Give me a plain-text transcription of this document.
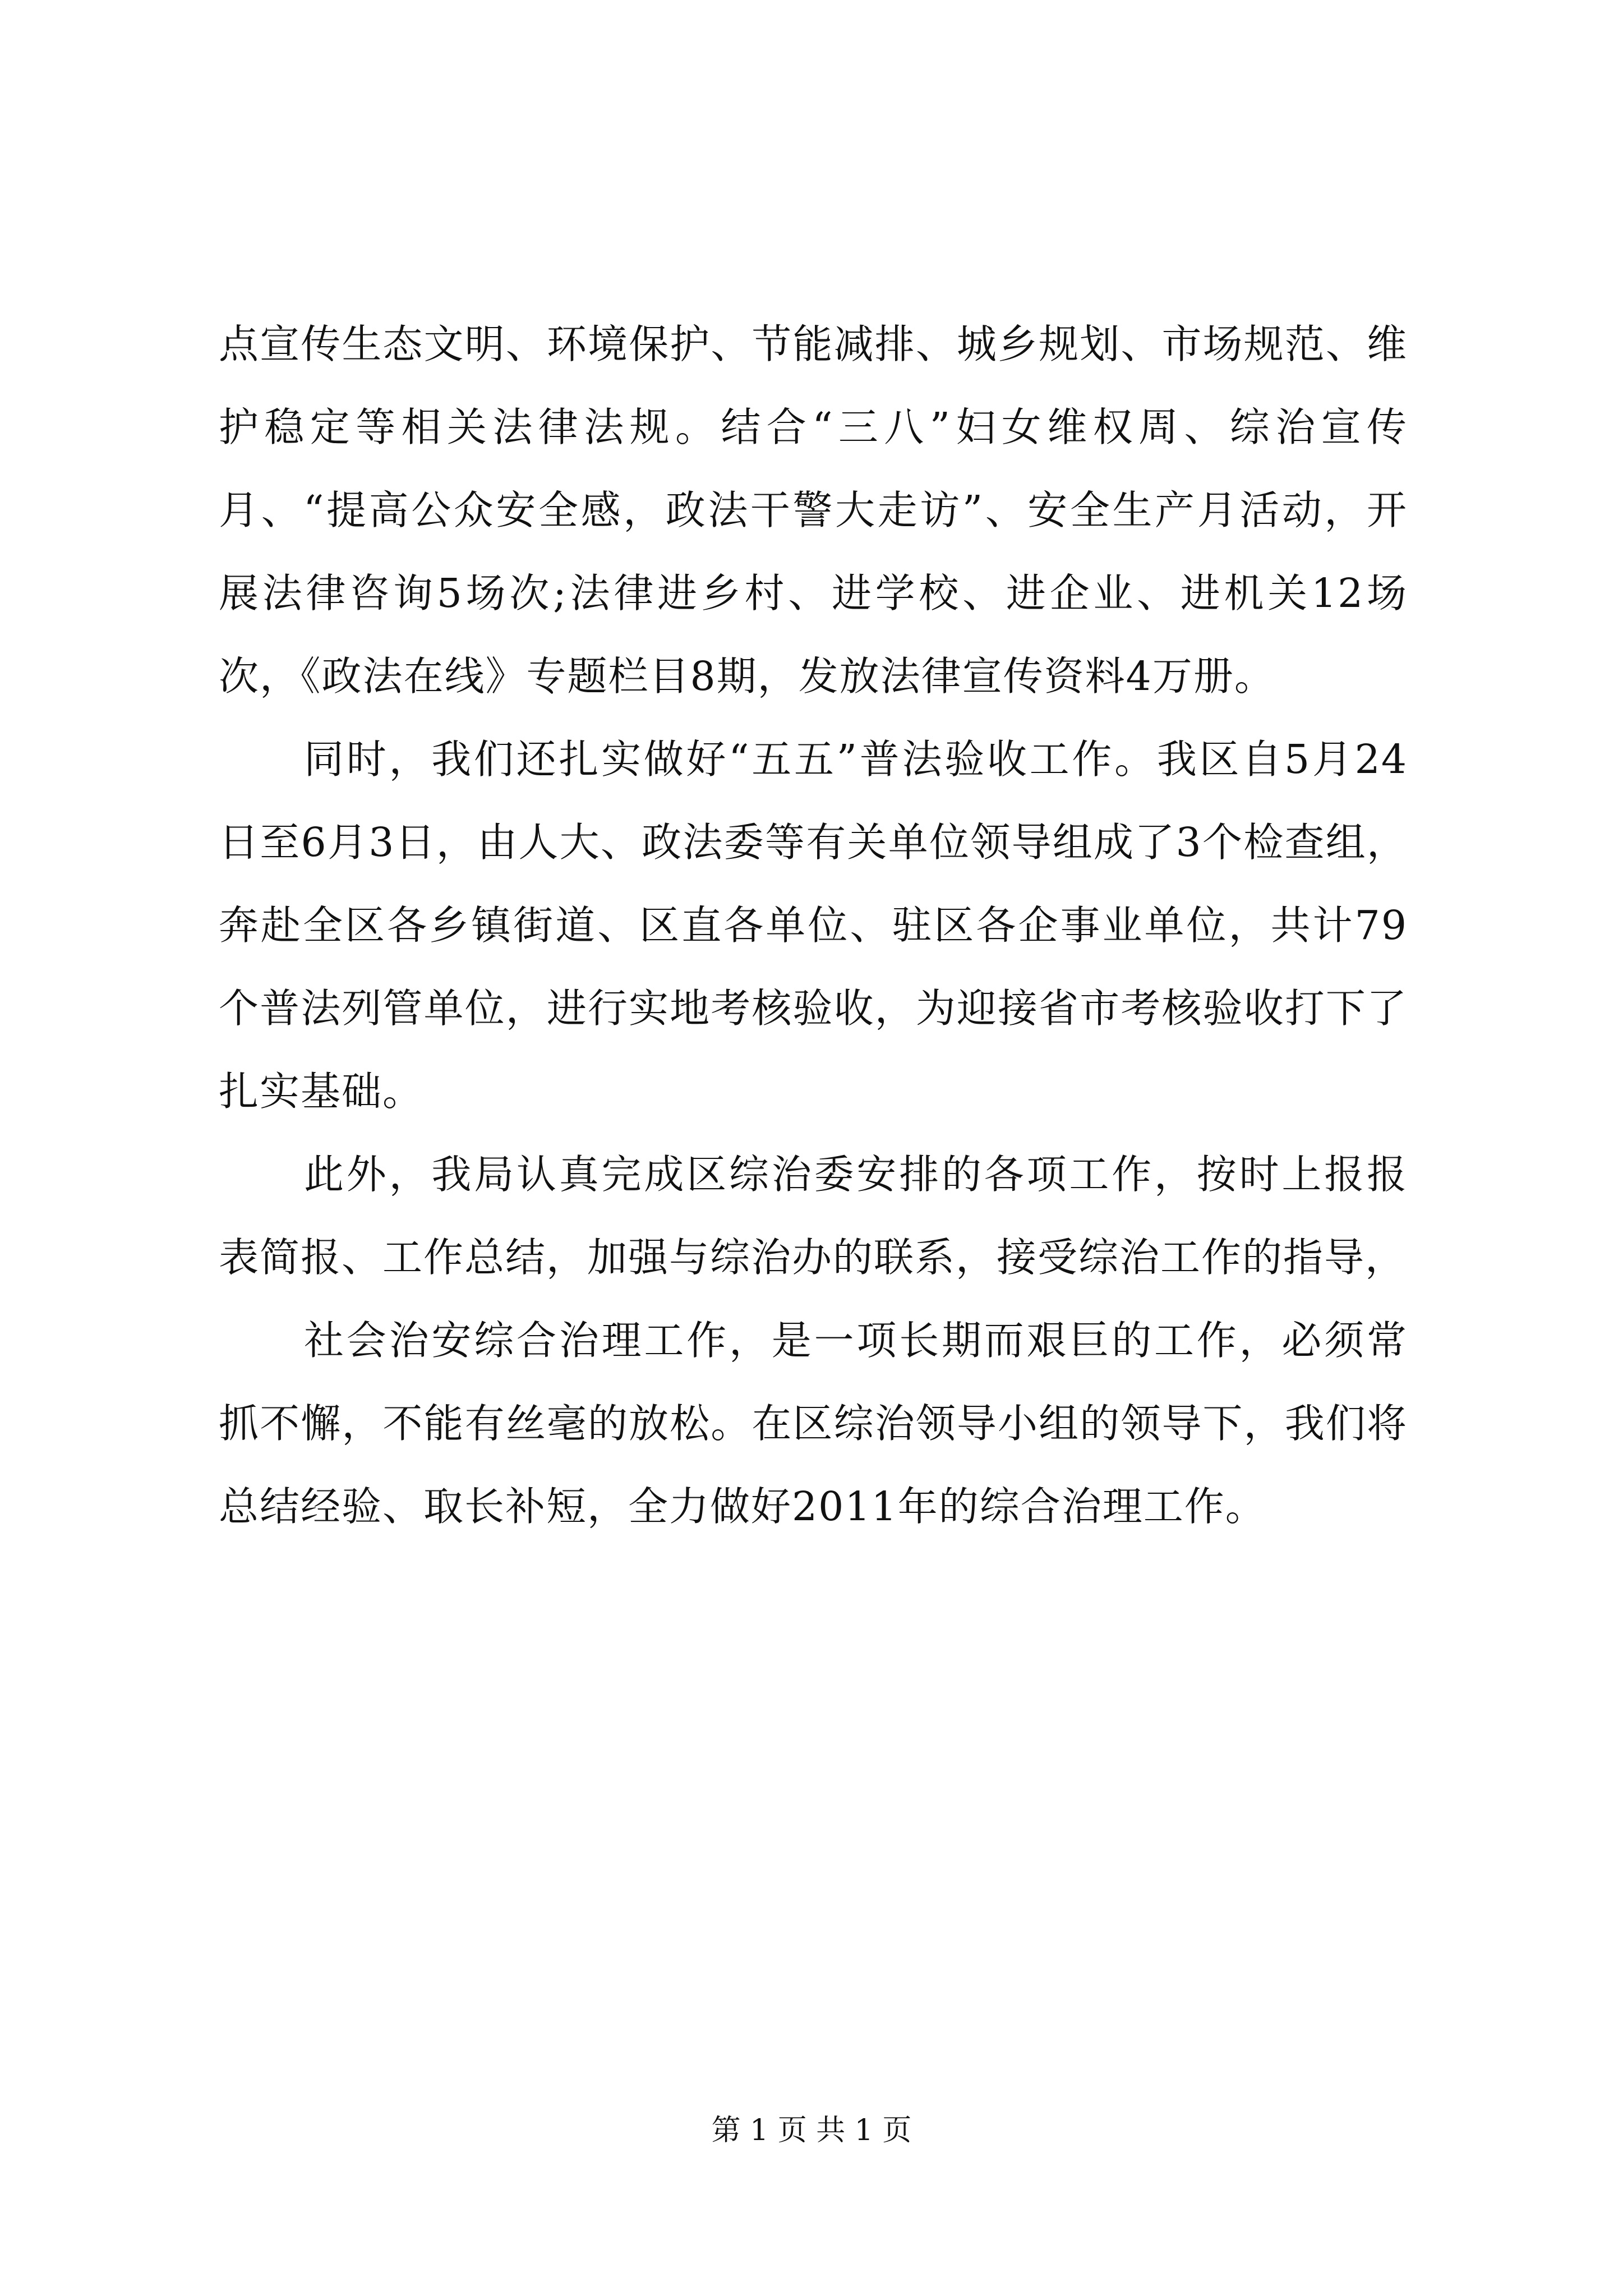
点宣传生态文明、环境保护、节能减排、城乡规划、市场规范、维护稳定等相关法律法规。结合“三八”妇女维权周、综治宣传月、“提高公众安全感，政法干警大走访”、安全生产月活动，开展法律咨询5场次;法律进乡村、进学校、进企业、进机关12场次，《政法在线》专题栏目8期，发放法律宣传资料4万册。

同时，我们还扎实做好“五五”普法验收工作。我区自5月24日至6月3日，由人大、政法委等有关单位领导组成了3个检查组，奔赴全区各乡镇街道、区直各单位、驻区各企事业单位，共计79个普法列管单位，进行实地考核验收，为迎接省市考核验收打下了扎实基础。

此外，我局认真完成区综治委安排的各项工作，按时上报报表简报、工作总结，加强与综治办的联系，接受综治工作的指导，

社会治安综合治理工作，是一项长期而艰巨的工作，必须常抓不懈，不能有丝毫的放松。在区综治领导小组的领导下，我们将总结经验、取长补短，全力做好2011年的综合治理工作。

第 1 页 共 1 页
